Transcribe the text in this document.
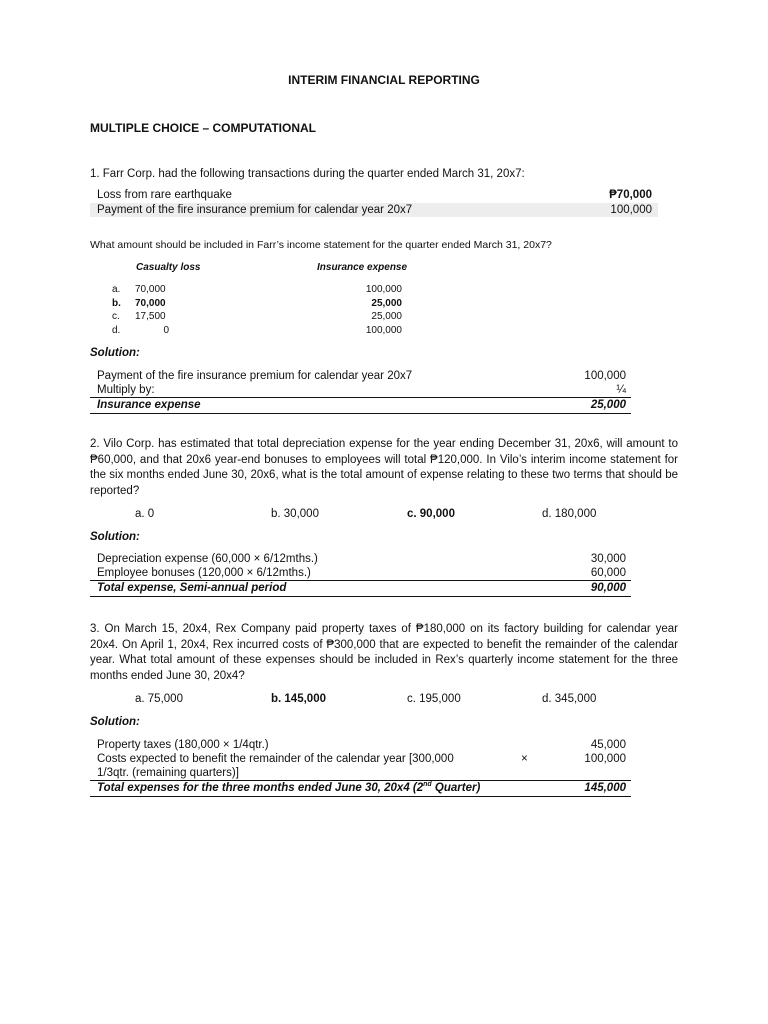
INTERIM FINANCIAL REPORTING
MULTIPLE CHOICE – COMPUTATIONAL
1. Farr Corp. had the following transactions during the quarter ended March 31, 20x7:
Loss from rare earthquake	₱70,000
Payment of the fire insurance premium for calendar year 20x7	100,000
What amount should be included in Farr’s income statement for the quarter ended March 31, 20x7?
Casualty loss	Insurance expense
a. 70,000	100,000
b. 70,000	25,000
c. 17,500	25,000
d.	0	100,000
Solution:
Payment of the fire insurance premium for calendar year 20x7	100,000
Multiply by:	¼
Insurance expense	25,000
2. Vilo Corp. has estimated that total depreciation expense for the year ending December 31, 20x6, will amount to ₱60,000, and that 20x6 year-end bonuses to employees will total ₱120,000. In Vilo’s interim income statement for the six months ended June 30, 20x6, what is the total amount of expense relating to these two terms that should be reported?
a. 0	b. 30,000	c. 90,000	d. 180,000
Solution:
Depreciation expense (60,000 × 6/12mths.)	30,000
Employee bonuses (120,000 × 6/12mths.)	60,000
Total expense, Semi-annual period	90,000
3. On March 15, 20x4, Rex Company paid property taxes of ₱180,000 on its factory building for calendar year 20x4. On April 1, 20x4, Rex incurred costs of ₱300,000 that are expected to benefit the remainder of the calendar year. What total amount of these expenses should be included in Rex’s quarterly income statement for the three months ended June 30, 20x4?
a. 75,000	b. 145,000	c. 195,000	d. 345,000
Solution:
Property taxes (180,000 × 1/4qtr.)	45,000
Costs expected to benefit the remainder of the calendar year [300,000	×	100,000
1/3qtr. (remaining quarters)]
Total expenses for the three months ended June 30, 20x4 (2nd Quarter)	145,000
